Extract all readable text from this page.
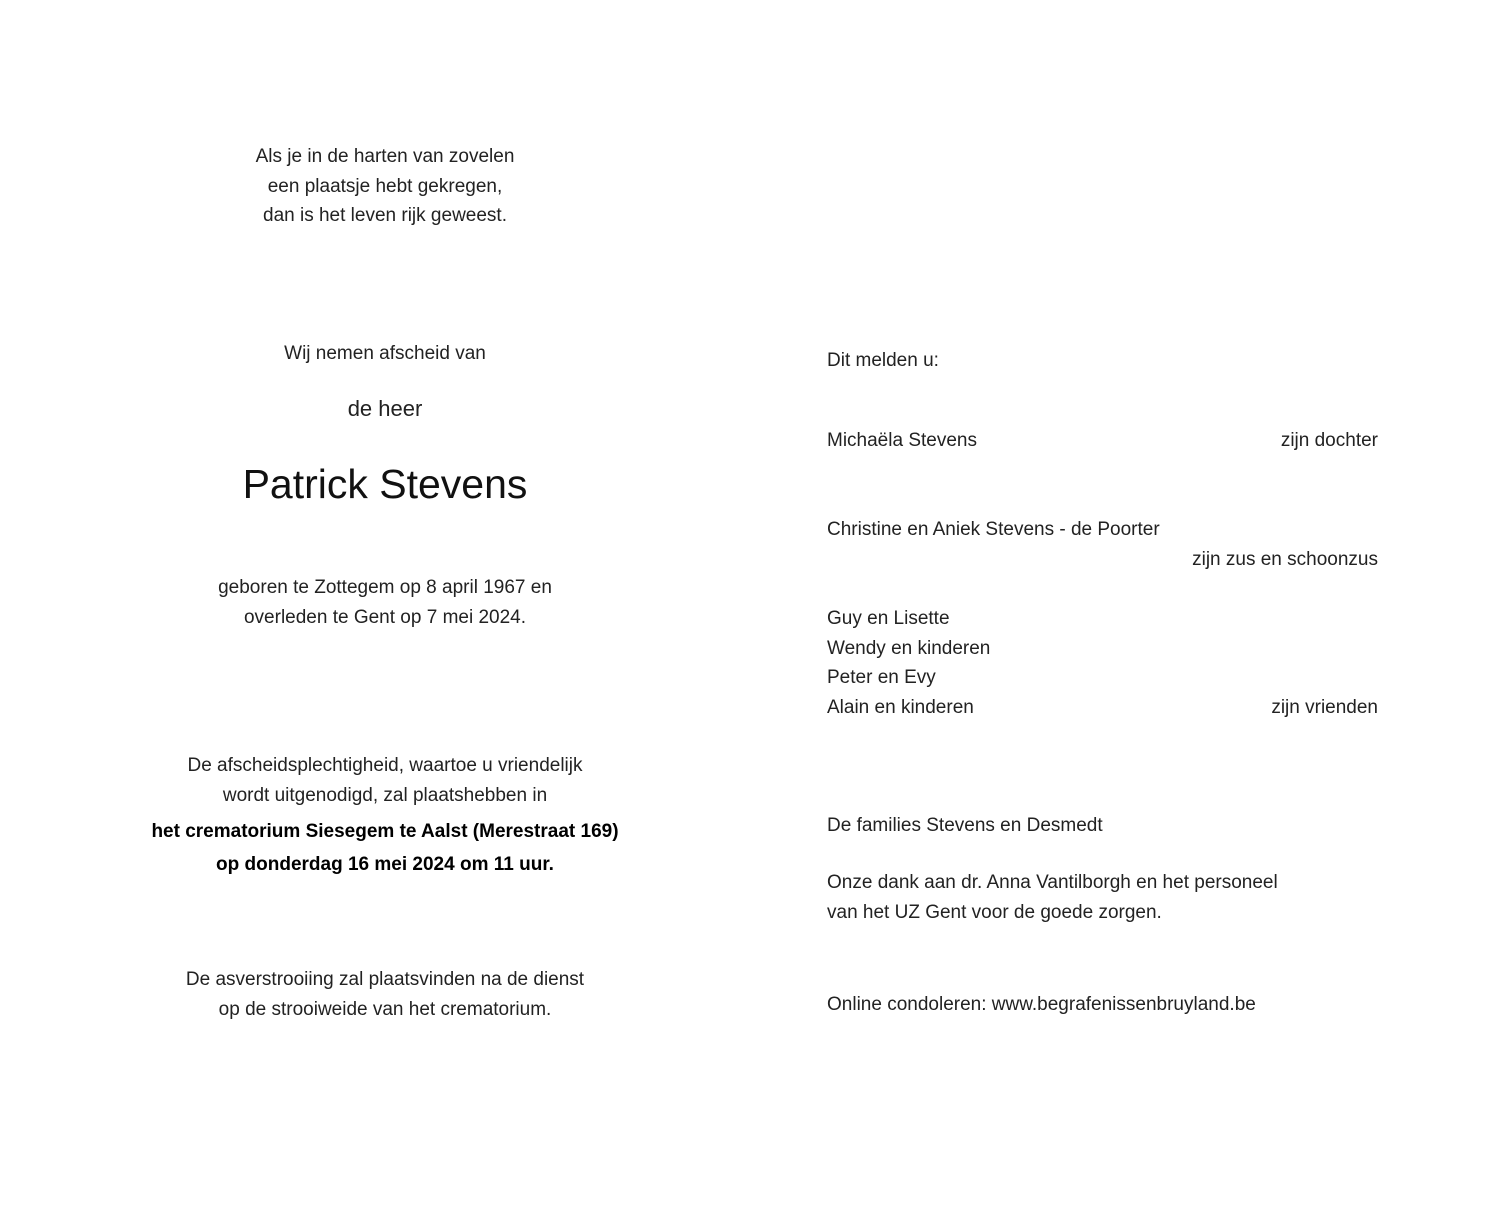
Als je in de harten van zovelen
een plaatsje hebt gekregen,
dan is het leven rijk geweest.
Wij nemen afscheid van
de heer
Patrick Stevens
geboren te Zottegem op 8 april 1967 en
overleden te Gent op 7 mei 2024.
De afscheidsplechtigheid, waartoe u vriendelijk
wordt uitgenodigd, zal plaatshebben in
het crematorium Siesegem te Aalst (Merestraat 169)
op donderdag 16 mei 2024 om 11 uur.
De asverstrooiing zal plaatsvinden na de dienst
op de strooiweide van het crematorium.
Dit melden u:
Michaëla Stevens	zijn dochter
Christine en Aniek Stevens - de Poorter
zijn zus en schoonzus
Guy en Lisette
Wendy en kinderen
Peter en Evy
Alain en kinderen	zijn vrienden
De families Stevens en Desmedt
Onze dank aan dr. Anna Vantilborgh en het personeel
van het UZ Gent voor de goede zorgen.
Online condoleren: www.begrafenissenbruyland.be
